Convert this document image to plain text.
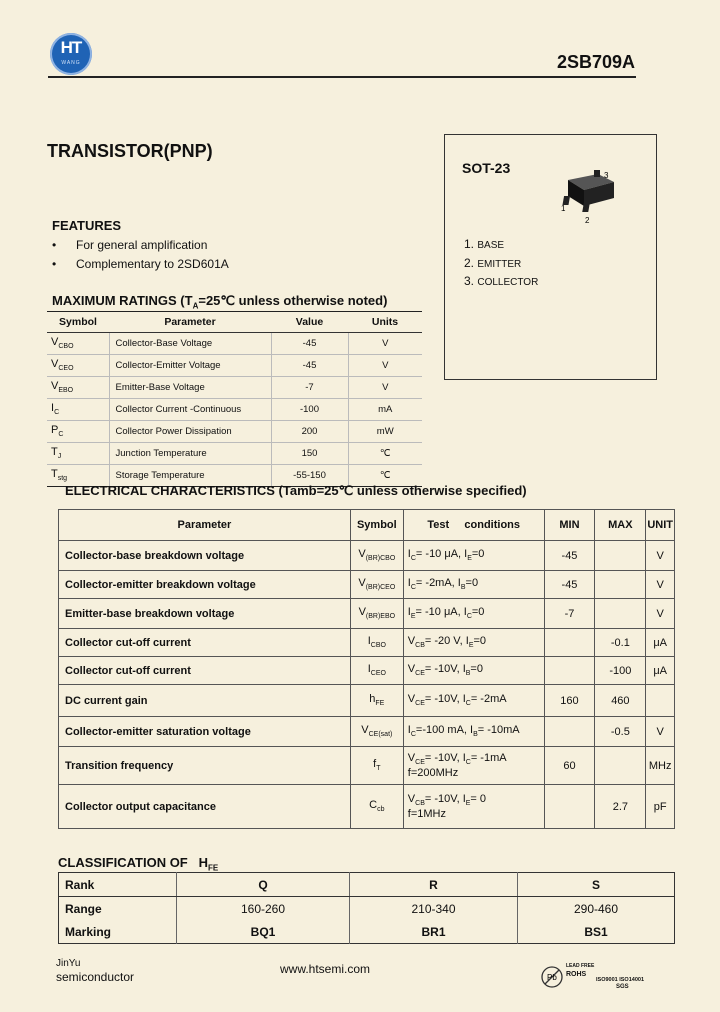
HT
WANG	2SB709A
TRANSISTOR(PNP)
SOT-23	3
1
2
1. BASE
2. EMITTER
3. COLLECTOR
FEATURES
• For general amplification
• Complementary to 2SD601A
MAXIMUM RATINGS ($T_A=25℃$ unless otherwise noted)
Symbol	Parameter	Value	Units
$V_{CBO}$	Collector-Base Voltage	-45	V
$V_{CEO}$	Collector-Emitter Voltage	-45	V
$V_{EBO}$	Emitter-Base Voltage	-7	V
$I_C$	Collector Current -Continuous	-100	mA
$P_C$	Collector Power Dissipation	200	mW
$T_J$	Junction Temperature	150	℃
$T_{stg}$	Storage Temperature	-55-150	℃
ELECTRICAL CHARACTERISTICS (Tamb=25℃ unless otherwise specified)
Parameter	Symbol	Test     conditions	MIN	MAX	UNIT
Collector-base breakdown voltage	$V_{(BR)CBO}$	$I_C= -10$ μA, $I_E=0$	-45		V
Collector-emitter breakdown voltage	$V_{(BR)CEO}$	$I_C= -2mA$, $I_B=0$	-45		V
Emitter-base breakdown voltage	$V_{(BR)EBO}$	$I_E= -10$ μA, $I_C=0$	-7		V
Collector cut-off current	$I_{CBO}$	$V_{CB}= -20$ V, $I_E=0$		-0.1	μA
Collector cut-off current	$I_{CEO}$	$V_{CE}= -10V$, $I_B=0$		-100	μA
DC current gain	$h_{FE}$	$V_{CE}= -10V$, $I_C= -2mA$	160	460	
Collector-emitter saturation voltage	$V_{CE(sat)}$	$I_C=-100$ mA, $I_B= -10mA$		-0.5	V
Transition frequency	$f_T$	$V_{CE}= -10V$, $I_C= -1mA$
f=200MHz	60		MHz
Collector output capacitance	$C_{cb}$	$V_{CB}= -10V$, $I_E= 0$
f=1MHz		2.7	pF
CLASSIFICATION OF   $H_{FE}$
Rank	Q	R	S
Range	160-260	210-340	290-460
Marking	BQ1	BR1	BS1
JinYu
semiconductor
www.htsemi.com
Pb
LEAD FREE
ROHS
ISO9001 ISO14001
SGS
